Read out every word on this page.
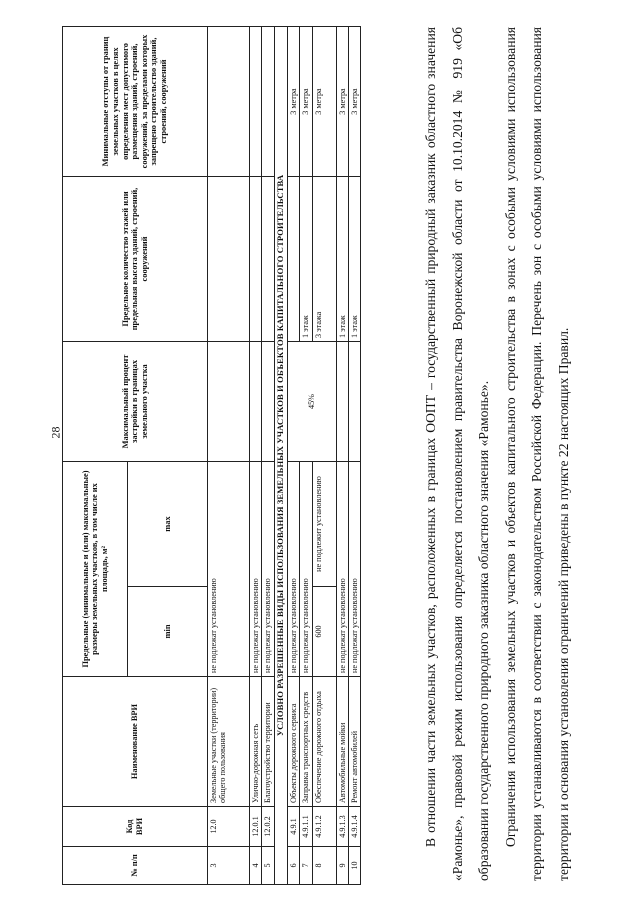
28
№ п/п	Код ВРИ	Наименование ВРИ	Предельные (минимальные и (или) максимальные) размеры земельных участков, в том числе их площадь, м²		Максимальный процент застройки в границах земельного участка	Предельное количество этажей или предельная высота зданий, строений, сооружений	Минимальные отступы от границ земельных участков в целях определения мест допустимого размещения зданий, строений, сооружений, за пределами которых запрещено строительство зданий, строений, сооружений
			min	max			
3	12.0	Земельные участки (территории) общего пользования	не подлежат установлению				
4	12.0.1	Улично-дорожная сеть	не подлежат установлению				
5	12.0.2	Благоустройство территории	не подлежат установлению				
УСЛОВНО РАЗРЕШЕННЫЕ ВИДЫ ИСПОЛЬЗОВАНИЯ ЗЕМЕЛЬНЫХ УЧАСТКОВ И ОБЪЕКТОВ КАПИТАЛЬНОГО СТРОИТЕЛЬСТВА							
6	4.9.1	Объекты дорожного сервиса	не подлежат установлению		45%		3 метра
7	4.9.1.1	Заправка транспортных средств	не подлежат установлению			1 этаж	3 метра
8	4.9.1.2	Обеспечение дорожного отдыха	600	не подлежит установлению		3 этажа	3 метра
9	4.9.1.3	Автомобильные мойки	не подлежат установлению			1 этаж	3 метра
10	4.9.1.4	Ремонт автомобилей	не подлежат установлению			1 этаж	3 метра	В отношении части земельных участков, расположенных в границах ООПТ – государственный природный заказник областного значения «Рамонье», правовой режим использования определяется постановлением правительства Воронежской области от 10.10.2014 № 919 «Об образовании государственного природного заказника областного значения «Рамонье». Ограничения использования земельных участков и объектов капитального строительства в зонах с особыми условиями использования территории устанавливаются в соответствии с законодательством Российской Федерации. Перечень зон с особыми условиями использования территории и основания установления ограничений приведены в пункте 22 настоящих Правил.
